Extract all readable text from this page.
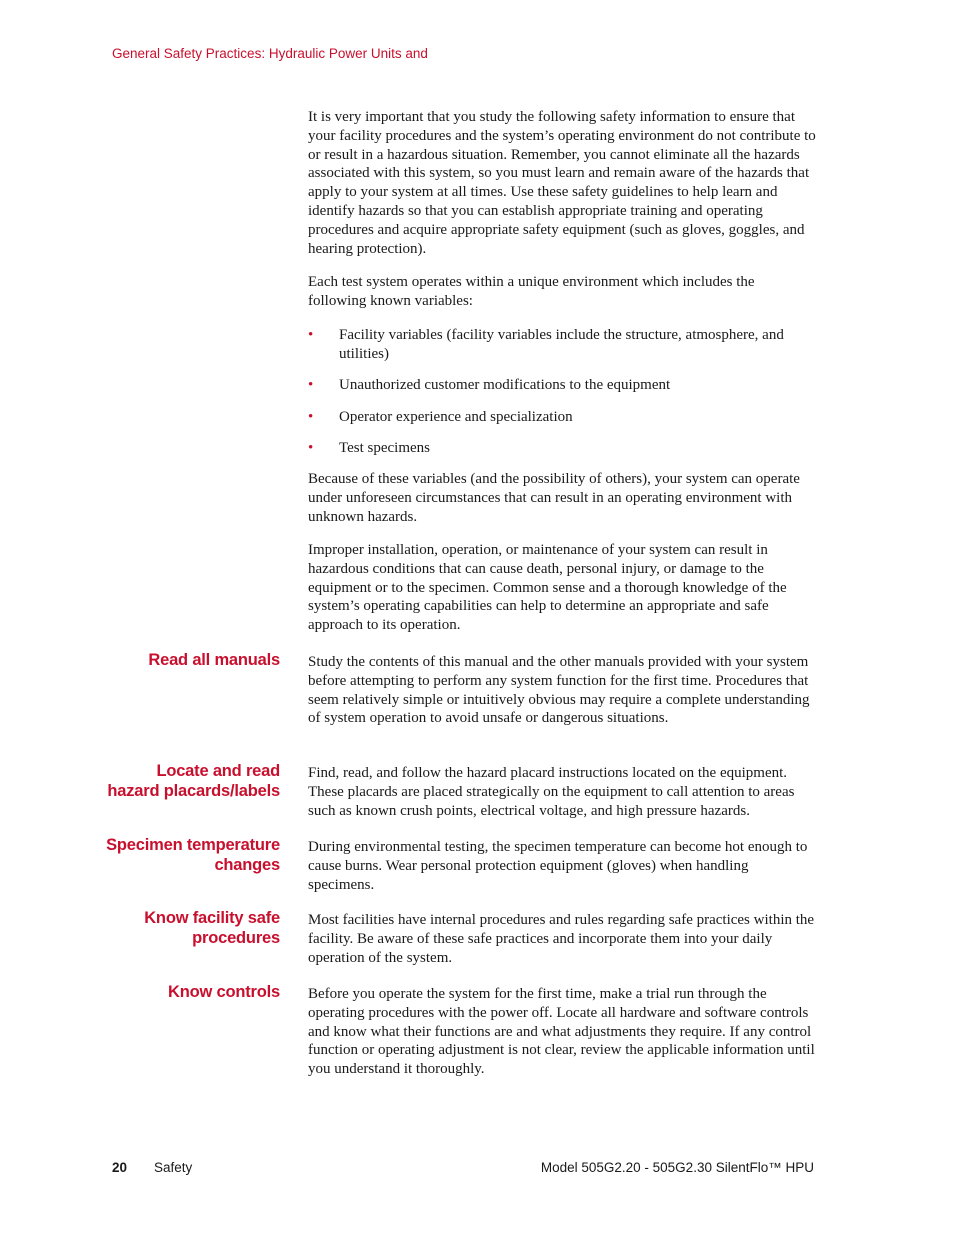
General Safety Practices: Hydraulic Power Units and

It is very important that you study the following safety information to ensure that your facility procedures and the system’s operating environment do not contribute to or result in a hazardous situation. Remember, you cannot eliminate all the hazards associated with this system, so you must learn and remain aware of the hazards that apply to your system at all times. Use these safety guidelines to help learn and identify hazards so that you can establish appropriate training and operating procedures and acquire appropriate safety equipment (such as gloves, goggles, and hearing protection).

Each test system operates within a unique environment which includes the following known variables:

• Facility variables (facility variables include the structure, atmosphere, and utilities)
• Unauthorized customer modifications to the equipment
• Operator experience and specialization
• Test specimens

Because of these variables (and the possibility of others), your system can operate under unforeseen circumstances that can result in an operating environment with unknown hazards.

Improper installation, operation, or maintenance of your system can result in hazardous conditions that can cause death, personal injury, or damage to the equipment or to the specimen. Common sense and a thorough knowledge of the system’s operating capabilities can help to determine an appropriate and safe approach to its operation.

Read all manuals Study the contents of this manual and the other manuals provided with your system before attempting to perform any system function for the first time. Procedures that seem relatively simple or intuitively obvious may require a complete understanding of system operation to avoid unsafe or dangerous situations.

Locate and read
hazard placards/labels

Find, read, and follow the hazard placard instructions located on the equipment. These placards are placed strategically on the equipment to call attention to areas such as known crush points, electrical voltage, and high pressure hazards.

Specimen temperature
changes

During environmental testing, the specimen temperature can become hot enough to cause burns. Wear personal protection equipment (gloves) when handling specimens.

Know facility safe
procedures

Most facilities have internal procedures and rules regarding safe practices within the facility. Be aware of these safe practices and incorporate them into your daily operation of the system.

Know controls Before you operate the system for the first time, make a trial run through the operating procedures with the power off. Locate all hardware and software controls and know what their functions are and what adjustments they require. If any control function or operating adjustment is not clear, review the applicable information until you understand it thoroughly.

20 Safety	Model 505G2.20 - 505G2.30 SilentFlo™ HPU
